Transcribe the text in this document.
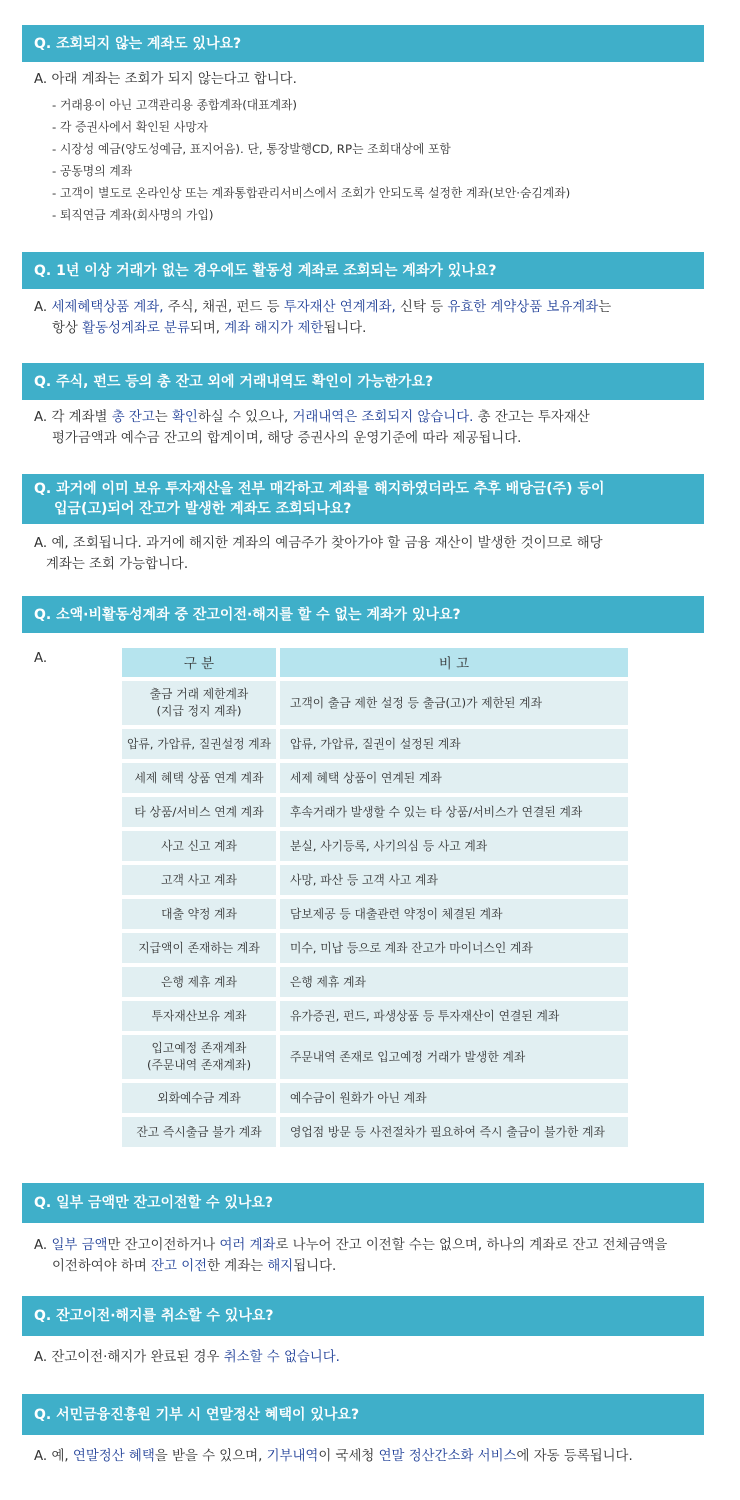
Q. 조회되지 않는 계좌도 있나요?
A. 아래 계좌는 조회가 되지 않는다고 합니다.
- 거래용이 아닌 고객관리용 종합계좌(대표계좌)
- 각 증권사에서 확인된 사망자
- 시장성 예금(양도성예금, 표지어음). 단, 통장발행CD, RP는 조회대상에 포함
- 공동명의 계좌
- 고객이 별도로 온라인상 또는 계좌통합관리서비스에서 조회가 안되도록 설정한 계좌(보안·숨김계좌)
- 퇴직연금 계좌(회사명의 가입)
Q. 1년 이상 거래가 없는 경우에도 활동성 계좌로 조회되는 계좌가 있나요?
A. 세제혜택상품 계좌, 주식, 채권, 펀드 등 투자재산 연계계좌, 신탁 등 유효한 계약상품 보유계좌는
항상 활동성계좌로 분류되며, 계좌 해지가 제한됩니다.
Q. 주식, 펀드 등의 총 잔고 외에 거래내역도 확인이 가능한가요?
A. 각 계좌별 총 잔고는 확인하실 수 있으나, 거래내역은 조회되지 않습니다. 총 잔고는 투자재산
평가금액과 예수금 잔고의 합계이며, 해당 증권사의 운영기준에 따라 제공됩니다.
Q. 과거에 이미 보유 투자재산을 전부 매각하고 계좌를 해지하였더라도 추후 배당금(주) 등이
입금(고)되어 잔고가 발생한 계좌도 조회되나요?
A. 예, 조회됩니다. 과거에 해지한 계좌의 예금주가 찾아가야 할 금융 재산이 발생한 것이므로 해당
계좌는 조회 가능합니다.
Q. 소액·비활동성계좌 중 잔고이전·해지를 할 수 없는 계좌가 있나요?
A.	구 분	비 고

출금 거래 제한계좌
(지급 정지 계좌)	고객이 출금 제한 설정 등 출금(고)가 제한된 계좌
압류, 가압류, 질권설정 계좌	압류, 가압류, 질권이 설정된 계좌
세제 혜택 상품 연계 계좌	세제 혜택 상품이 연계된 계좌
타 상품/서비스 연계 계좌	후속거래가 발생할 수 있는 타 상품/서비스가 연결된 계좌
사고 신고 계좌	분실, 사기등록, 사기의심 등 사고 계좌
고객 사고 계좌	사망, 파산 등 고객 사고 계좌
대출 약정 계좌	담보제공 등 대출관련 약정이 체결된 계좌
지급액이 존재하는 계좌	미수, 미납 등으로 계좌 잔고가 마이너스인 계좌
은행 제휴 계좌	은행 제휴 계좌
투자재산보유 계좌	유가증권, 펀드, 파생상품 등 투자재산이 연결된 계좌

입고예정 존재계좌
(주문내역 존재계좌)	주문내역 존재로 입고예정 거래가 발생한 계좌
외화예수금 계좌	예수금이 원화가 아닌 계좌
잔고 즉시출금 불가 계좌	영업점 방문 등 사전절차가 필요하여 즉시 출금이 불가한 계좌
Q. 일부 금액만 잔고이전할 수 있나요?
A. 일부 금액만 잔고이전하거나 여러 계좌로 나누어 잔고 이전할 수는 없으며, 하나의 계좌로 잔고 전체금액을
이전하여야 하며 잔고 이전한 계좌는 해지됩니다.
Q. 잔고이전·해지를 취소할 수 있나요?
A. 잔고이전·해지가 완료된 경우 취소할 수 없습니다.
Q. 서민금융진흥원 기부 시 연말정산 혜택이 있나요?
A. 예, 연말정산 혜택을 받을 수 있으며, 기부내역이 국세청 연말 정산간소화 서비스에 자동 등록됩니다.
